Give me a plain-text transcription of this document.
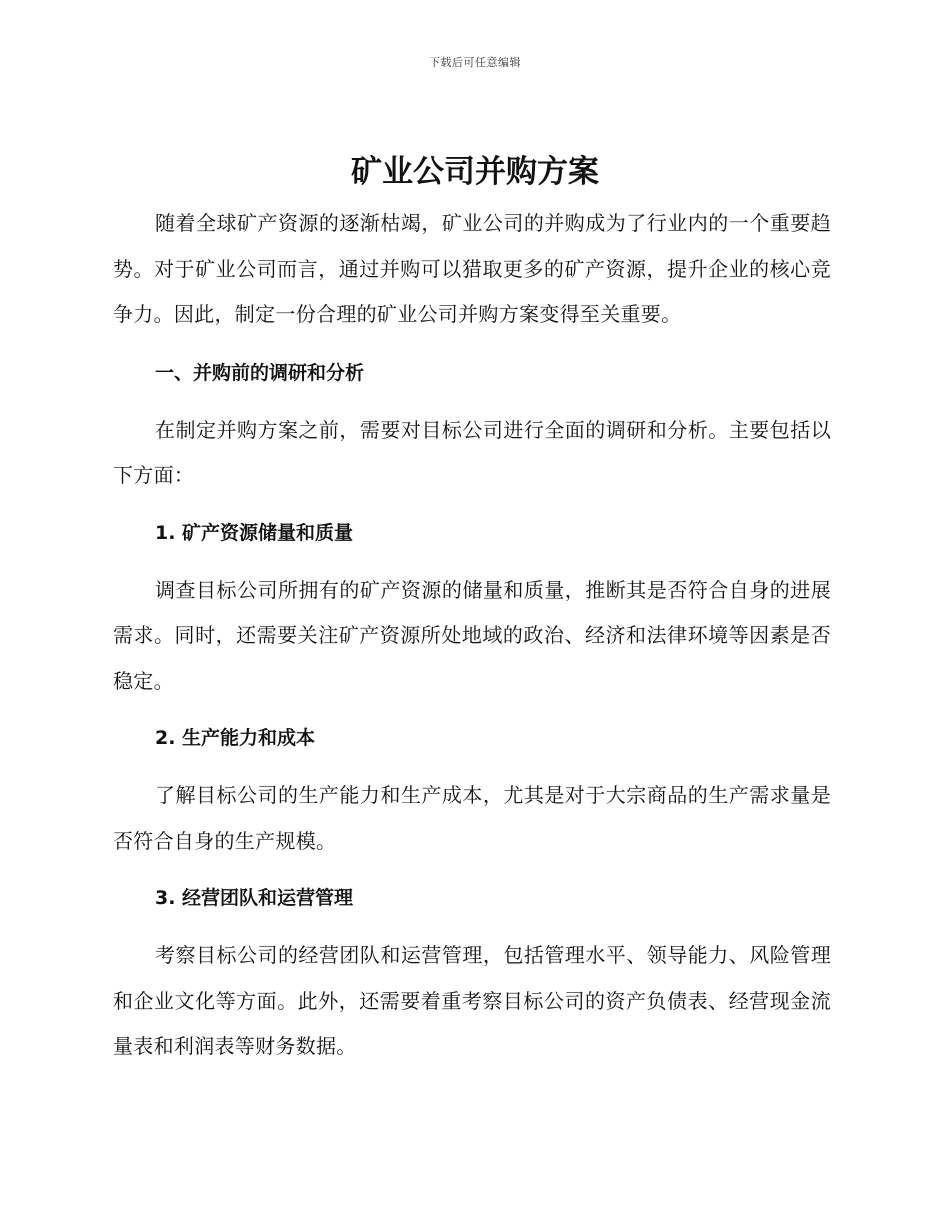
下载后可任意编辑
矿业公司并购方案

随着全球矿产资源的逐渐枯竭，矿业公司的并购成为了行业内的一个重要趋势。对于矿业公司而言，通过并购可以猎取更多的矿产资源，提升企业的核心竞争力。因此，制定一份合理的矿业公司并购方案变得至关重要。

一、并购前的调研和分析

在制定并购方案之前，需要对目标公司进行全面的调研和分析。主要包括以下方面：

1. 矿产资源储量和质量

调查目标公司所拥有的矿产资源的储量和质量，推断其是否符合自身的进展需求。同时，还需要关注矿产资源所处地域的政治、经济和法律环境等因素是否稳定。

2. 生产能力和成本

了解目标公司的生产能力和生产成本，尤其是对于大宗商品的生产需求量是否符合自身的生产规模。

3. 经营团队和运营管理

考察目标公司的经营团队和运营管理，包括管理水平、领导能力、风险管理和企业文化等方面。此外，还需要着重考察目标公司的资产负债表、经营现金流量表和利润表等财务数据。
